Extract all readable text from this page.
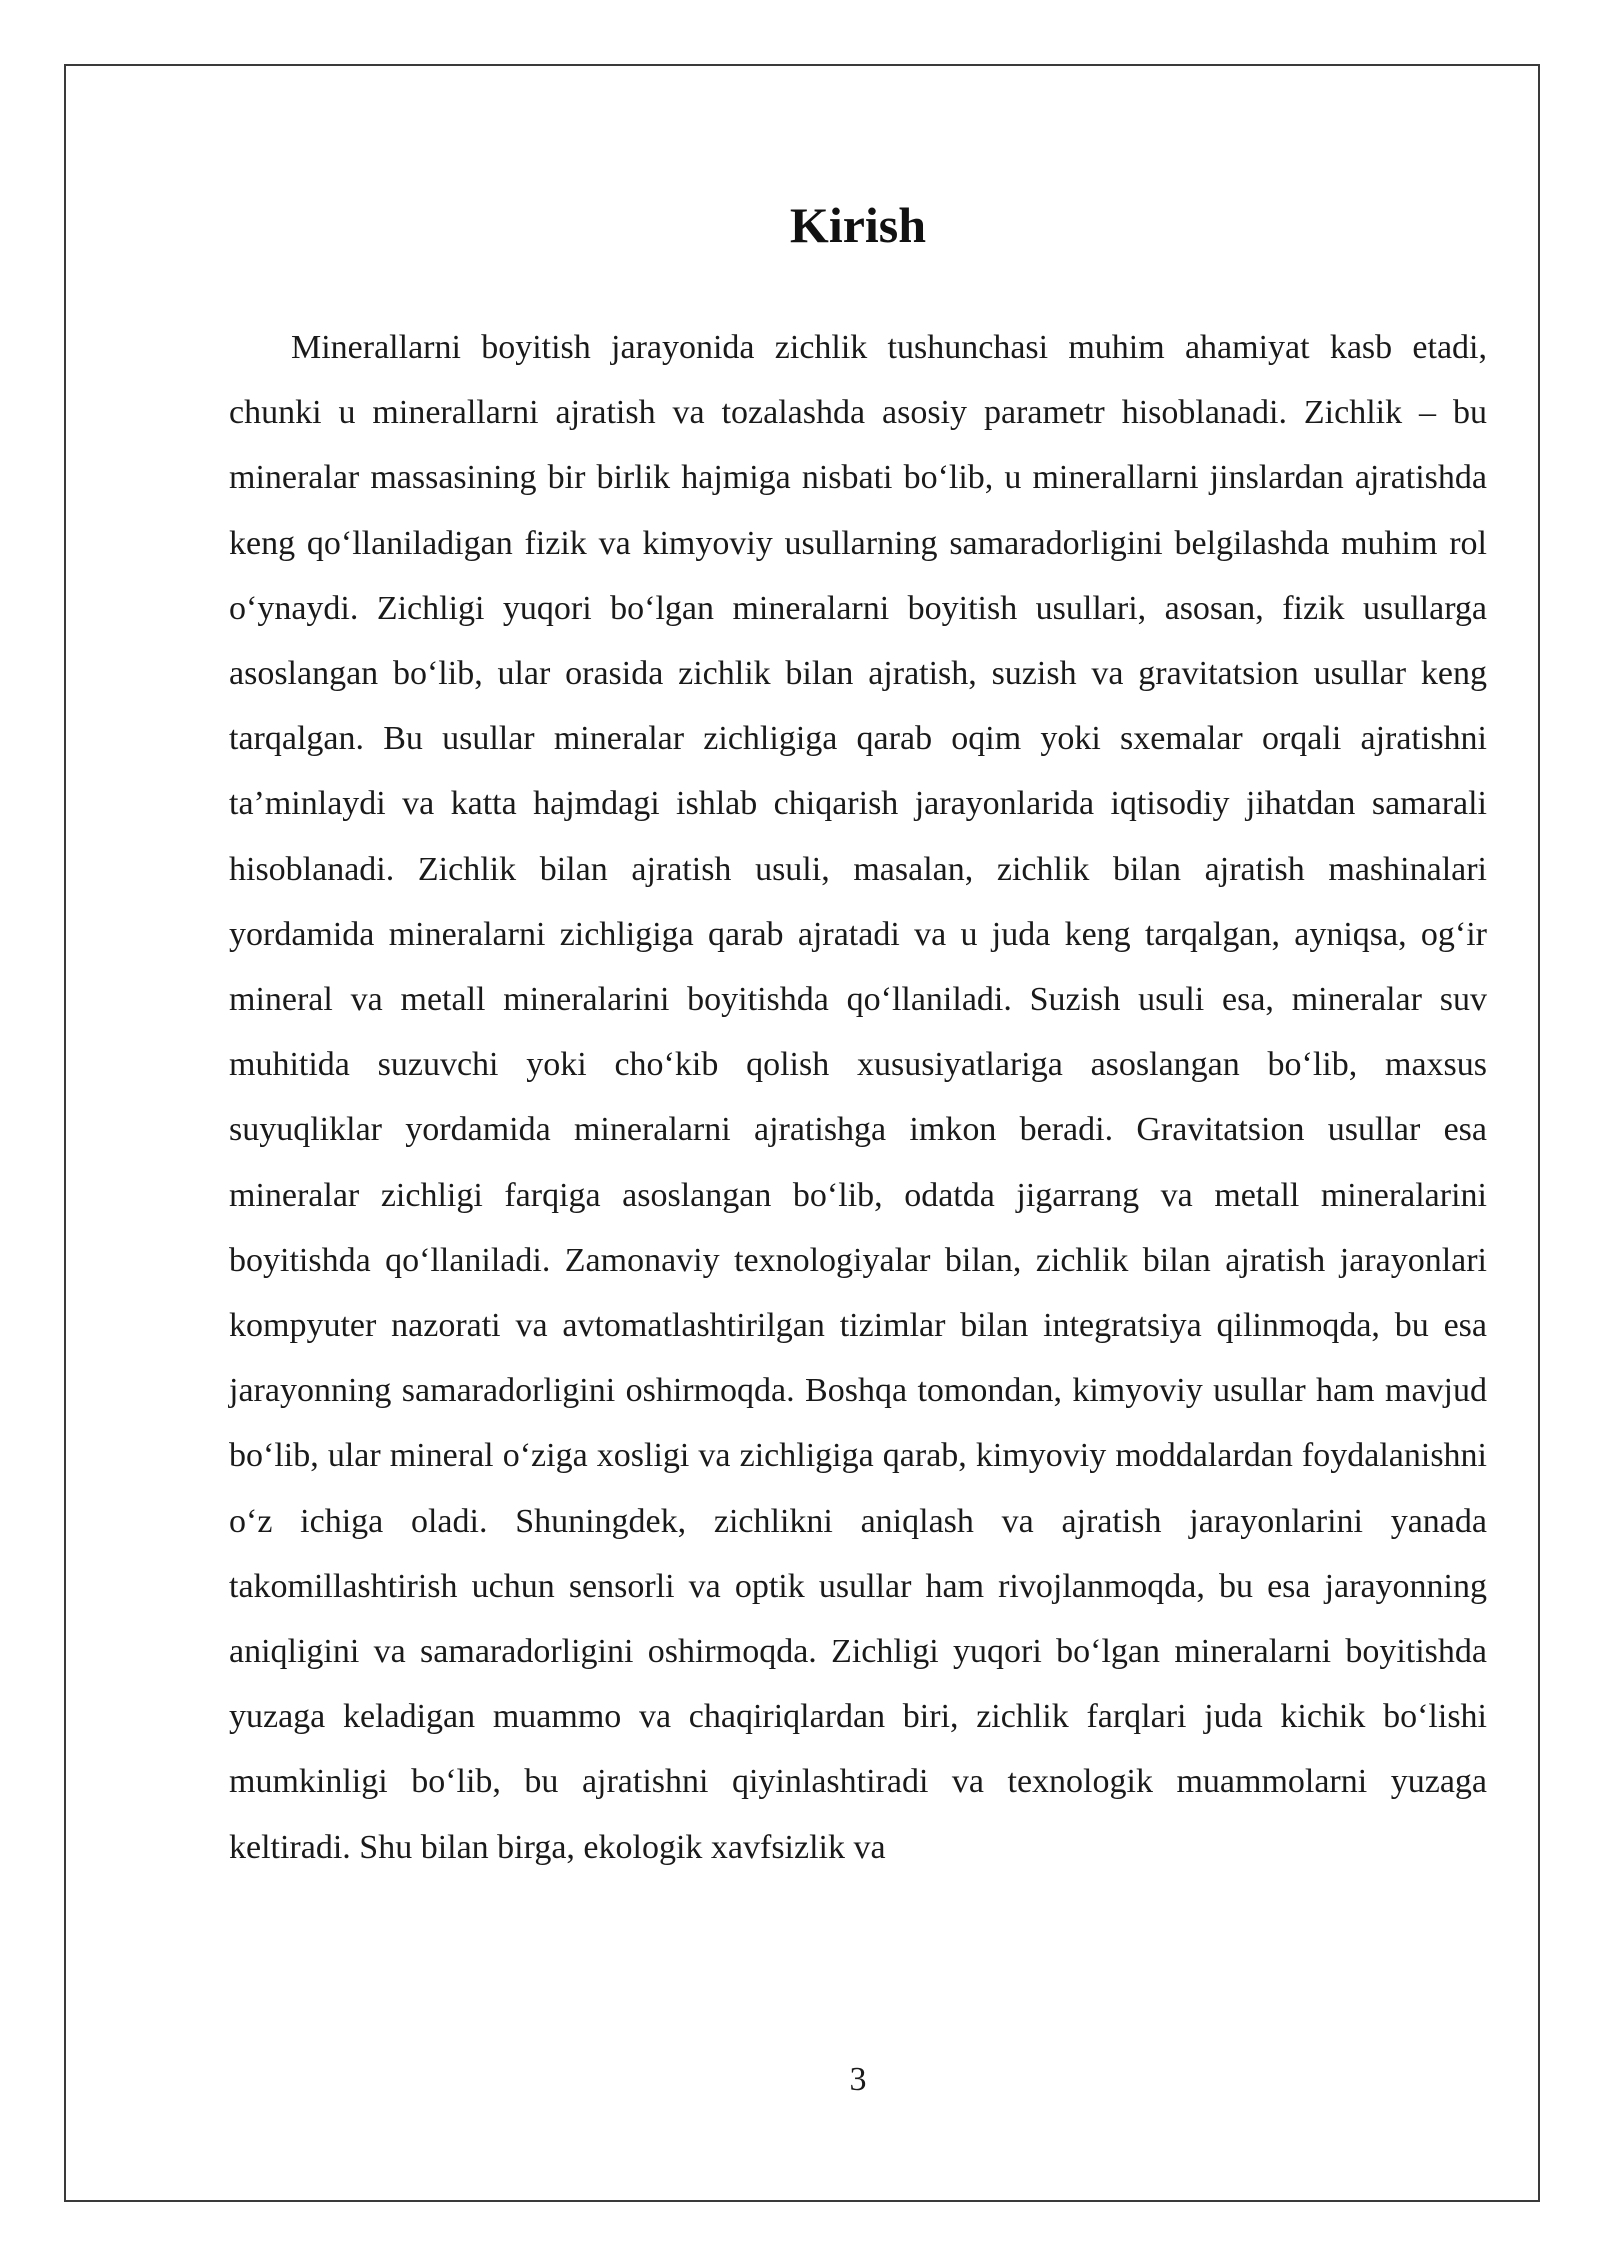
Kirish

Minerallarni boyitish jarayonida zichlik tushunchasi muhim ahamiyat kasb etadi, chunki u minerallarni ajratish va tozalashda asosiy parametr hisoblanadi. Zichlik – bu mineralar massasining bir birlik hajmiga nisbati bo‘lib, u minerallarni jinslardan ajratishda keng qo‘llaniladigan fizik va kimyoviy usullarning samaradorligini belgilashda muhim rol o‘ynaydi. Zichligi yuqori bo‘lgan mineralarni boyitish usullari, asosan, fizik usullarga asoslangan bo‘lib, ular orasida zichlik bilan ajratish, suzish va gravitatsion usullar keng tarqalgan. Bu usullar mineralar zichligiga qarab oqim yoki sxemalar orqali ajratishni ta’minlaydi va katta hajmdagi ishlab chiqarish jarayonlarida iqtisodiy jihatdan samarali hisoblanadi. Zichlik bilan ajratish usuli, masalan, zichlik bilan ajratish mashinalari yordamida mineralarni zichligiga qarab ajratadi va u juda keng tarqalgan, ayniqsa, og‘ir mineral va metall mineralarini boyitishda qo‘llaniladi. Suzish usuli esa, mineralar suv muhitida suzuvchi yoki cho‘kib qolish xususiyatlariga asoslangan bo‘lib, maxsus suyuqliklar yordamida mineralarni ajratishga imkon beradi. Gravitatsion usullar esa mineralar zichligi farqiga asoslangan bo‘lib, odatda jigarrang va metall mineralarini boyitishda qo‘llaniladi. Zamonaviy texnologiyalar bilan, zichlik bilan ajratish jarayonlari kompyuter nazorati va avtomatlashtirilgan tizimlar bilan integratsiya qilinmoqda, bu esa jarayonning samaradorligini oshirmoqda. Boshqa tomondan, kimyoviy usullar ham mavjud bo‘lib, ular mineral o‘ziga xosligi va zichligiga qarab, kimyoviy moddalardan foydalanishni o‘z ichiga oladi. Shuningdek, zichlikni aniqlash va ajratish jarayonlarini yanada takomillashtirish uchun sensorli va optik usullar ham rivojlanmoqda, bu esa jarayonning aniqligini va samaradorligini oshirmoqda. Zichligi yuqori bo‘lgan mineralarni boyitishda yuzaga keladigan muammo va chaqiriqlardan biri, zichlik farqlari juda kichik bo‘lishi mumkinligi bo‘lib, bu ajratishni qiyinlashtiradi va texnologik muammolarni yuzaga keltiradi. Shu bilan birga, ekologik xavfsizlik va

3
